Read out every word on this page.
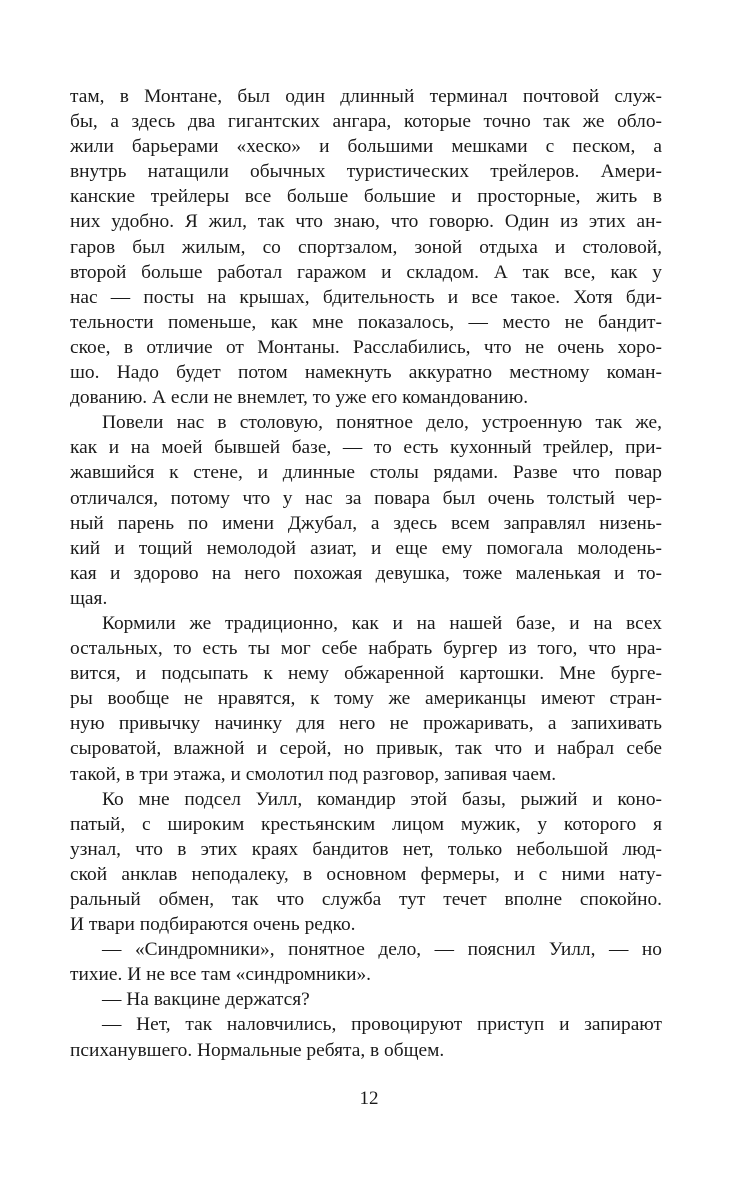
там, в Монтане, был один длинный терминал почтовой служ-
бы, а здесь два гигантских ангара, которые точно так же обло-
жили барьерами «хеско» и большими мешками с песком, а
внутрь натащили обычных туристических трейлеров. Амери-
канские трейлеры все больше большие и просторные, жить в
них удобно. Я жил, так что знаю, что говорю. Один из этих ан-
гаров был жилым, со спортзалом, зоной отдыха и столовой,
второй больше работал гаражом и складом. А так все, как у
нас — посты на крышах, бдительность и все такое. Хотя бди-
тельности поменьше, как мне показалось, — место не бандит-
ское, в отличие от Монтаны. Расслабились, что не очень хоро-
шо. Надо будет потом намекнуть аккуратно местному коман-
дованию. А если не внемлет, то уже его командованию.
Повели нас в столовую, понятное дело, устроенную так же,
как и на моей бывшей базе, — то есть кухонный трейлер, при-
жавшийся к стене, и длинные столы рядами. Разве что повар
отличался, потому что у нас за повара был очень толстый чер-
ный парень по имени Джубал, а здесь всем заправлял низень-
кий и тощий немолодой азиат, и еще ему помогала молодень-
кая и здорово на него похожая девушка, тоже маленькая и то-
щая.
Кормили же традиционно, как и на нашей базе, и на всех
остальных, то есть ты мог себе набрать бургер из того, что нра-
вится, и подсыпать к нему обжаренной картошки. Мне бурге-
ры вообще не нравятся, к тому же американцы имеют стран-
ную привычку начинку для него не прожаривать, а запихивать
сыроватой, влажной и серой, но привык, так что и набрал себе
такой, в три этажа, и смолотил под разговор, запивая чаем.
Ко мне подсел Уилл, командир этой базы, рыжий и коно-
патый, с широким крестьянским лицом мужик, у которого я
узнал, что в этих краях бандитов нет, только небольшой люд-
ской анклав неподалеку, в основном фермеры, и с ними нату-
ральный обмен, так что служба тут течет вполне спокойно.
И твари подбираются очень редко.
— «Синдромники», понятное дело, — пояснил Уилл, — но
тихие. И не все там «синдромники».
— На вакцине держатся?
— Нет, так наловчились, провоцируют приступ и запирают
психанувшего. Нормальные ребята, в общем.
12
